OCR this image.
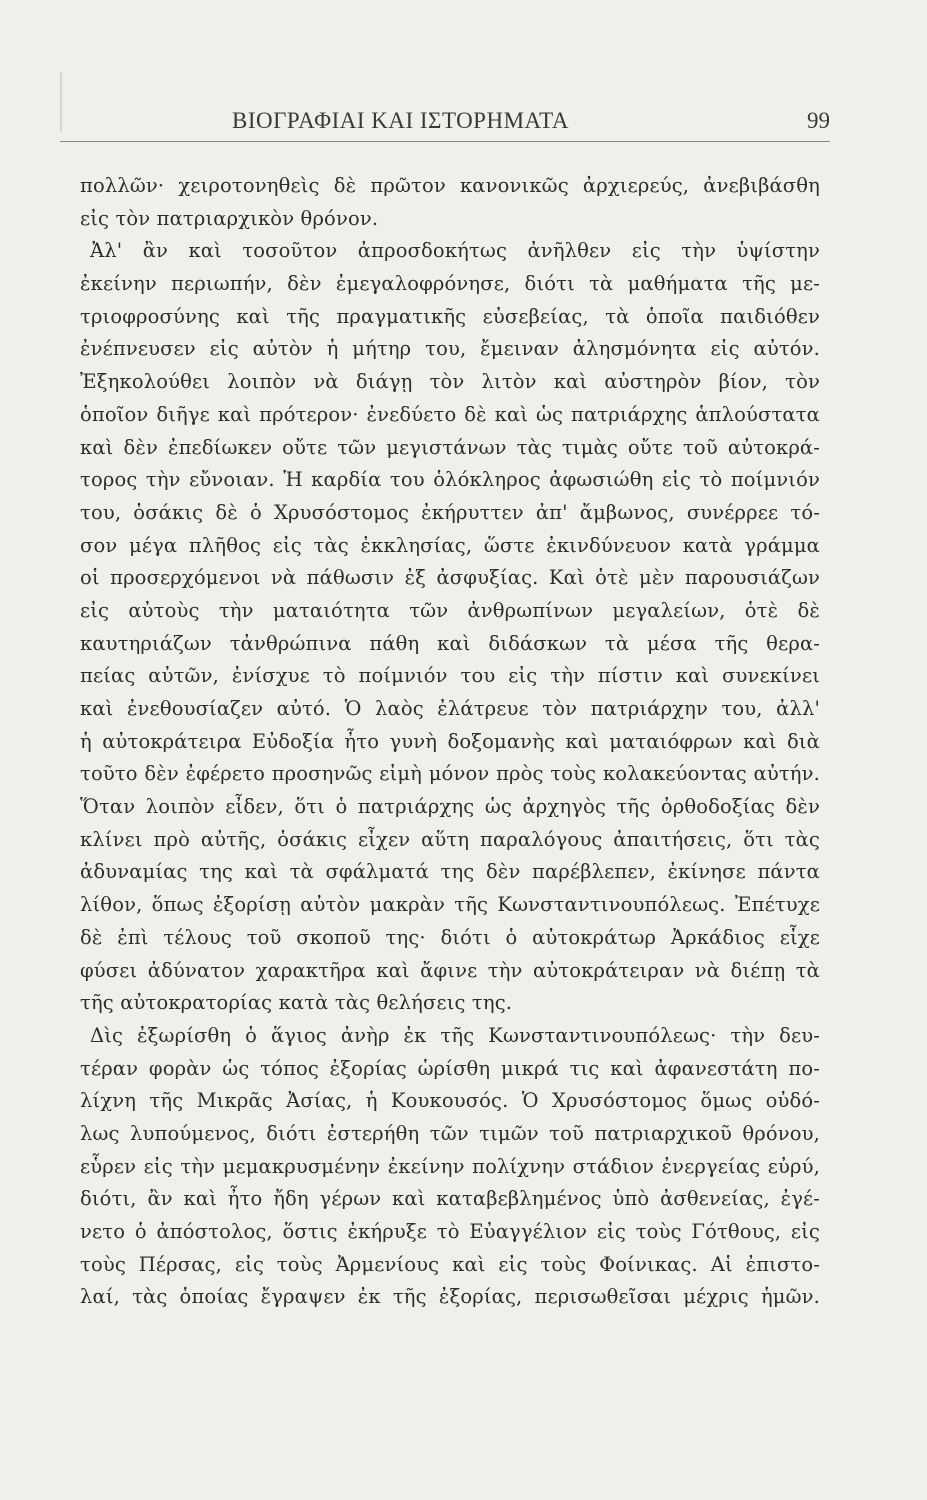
ΒΙΟΓΡΑΦΙΑΙ ΚΑΙ ΙΣΤΟΡΗΜΑΤΑ	99
πολλῶν· χειροτονηθεὶς δὲ πρῶτον κανονικῶς ἀρχιερεύς, ἀνεβιβάσθη
εἰς τὸν πατριαρχικὸν θρόνον.
Ἀλ' ἂν καὶ τοσοῦτον ἀπροσδοκήτως ἀνῆλθεν εἰς τὴν ὑψίστην
ἐκείνην περιωπήν, δὲν ἐμεγαλοφρόνησε, διότι τὰ μαθήματα τῆς με-
τριοφροσύνης καὶ τῆς πραγματικῆς εὐσεβείας, τὰ ὁποῖα παιδιόθεν
ἐνέπνευσεν εἰς αὐτὸν ἡ μήτηρ του, ἔμειναν ἀλησμόνητα εἰς αὐτόν.
Ἐξηκολούθει λοιπὸν νὰ διάγῃ τὸν λιτὸν καὶ αὐστηρὸν βίον, τὸν
ὁποῖον διῆγε καὶ πρότερον· ἐνεδύετο δὲ καὶ ὡς πατριάρχης ἁπλούστατα
καὶ δὲν ἐπεδίωκεν οὔτε τῶν μεγιστάνων τὰς τιμὰς οὔτε τοῦ αὐτοκρά-
τορος τὴν εὔνοιαν. Ἡ καρδία του ὁλόκληρος ἀφωσιώθη εἰς τὸ ποίμνιόν
του, ὁσάκις δὲ ὁ Χρυσόστομος ἐκήρυττεν ἀπ' ἄμβωνος, συνέρρεε τό-
σον μέγα πλῆθος εἰς τὰς ἐκκλησίας, ὥστε ἐκινδύνευον κατὰ γράμμα
οἱ προσερχόμενοι νὰ πάθωσιν ἐξ ἀσφυξίας. Καὶ ὁτὲ μὲν παρουσιάζων
εἰς αὐτοὺς τὴν ματαιότητα τῶν ἀνθρωπίνων μεγαλείων, ὁτὲ δὲ
καυτηριάζων τἀνθρώπινα πάθη καὶ διδάσκων τὰ μέσα τῆς θερα-
πείας αὐτῶν, ἐνίσχυε τὸ ποίμνιόν του εἰς τὴν πίστιν καὶ συνεκίνει
καὶ ἐνεθουσίαζεν αὐτό. Ὁ λαὸς ἐλάτρευε τὸν πατριάρχην του, ἀλλ'
ἡ αὐτοκράτειρα Εὐδοξία ἦτο γυνὴ δοξομανὴς καὶ ματαιόφρων καὶ διὰ
τοῦτο δὲν ἐφέρετο προσηνῶς εἰμὴ μόνον πρὸς τοὺς κολακεύοντας αὐτήν.
Ὅταν λοιπὸν εἶδεν, ὅτι ὁ πατριάρχης ὡς ἀρχηγὸς τῆς ὀρθοδοξίας δὲν
κλίνει πρὸ αὐτῆς, ὁσάκις εἶχεν αὕτη παραλόγους ἀπαιτήσεις, ὅτι τὰς
ἀδυναμίας της καὶ τὰ σφάλματά της δὲν παρέβλεπεν, ἐκίνησε πάντα
λίθον, ὅπως ἐξορίσῃ αὐτὸν μακρὰν τῆς Κωνσταντινουπόλεως. Ἐπέτυχε
δὲ ἐπὶ τέλους τοῦ σκοποῦ της· διότι ὁ αὐτοκράτωρ Ἀρκάδιος εἶχε
φύσει ἀδύνατον χαρακτῆρα καὶ ἄφινε τὴν αὐτοκράτειραν νὰ διέπῃ τὰ
τῆς αὐτοκρατορίας κατὰ τὰς θελήσεις της.
Δὶς ἐξωρίσθη ὁ ἅγιος ἀνὴρ ἐκ τῆς Κωνσταντινουπόλεως· τὴν δευ-
τέραν φορὰν ὡς τόπος ἐξορίας ὡρίσθη μικρά τις καὶ ἀφανεστάτη πο-
λίχνη τῆς Μικρᾶς Ἀσίας, ἡ Κουκουσός. Ὁ Χρυσόστομος ὅμως οὐδό-
λως λυπούμενος, διότι ἐστερήθη τῶν τιμῶν τοῦ πατριαρχικοῦ θρόνου,
εὗρεν εἰς τὴν μεμακρυσμένην ἐκείνην πολίχνην στάδιον ἐνεργείας εὐρύ,
διότι, ἂν καὶ ἦτο ἤδη γέρων καὶ καταβεβλημένος ὑπὸ ἀσθενείας, ἐγέ-
νετο ὁ ἀπόστολος, ὅστις ἐκήρυξε τὸ Εὐαγγέλιον εἰς τοὺς Γότθους, εἰς
τοὺς Πέρσας, εἰς τοὺς Ἀρμενίους καὶ εἰς τοὺς Φοίνικας. Αἱ ἐπιστο-
λαί, τὰς ὁποίας ἔγραψεν ἐκ τῆς ἐξορίας, περισωθεῖσαι μέχρις ἡμῶν.
